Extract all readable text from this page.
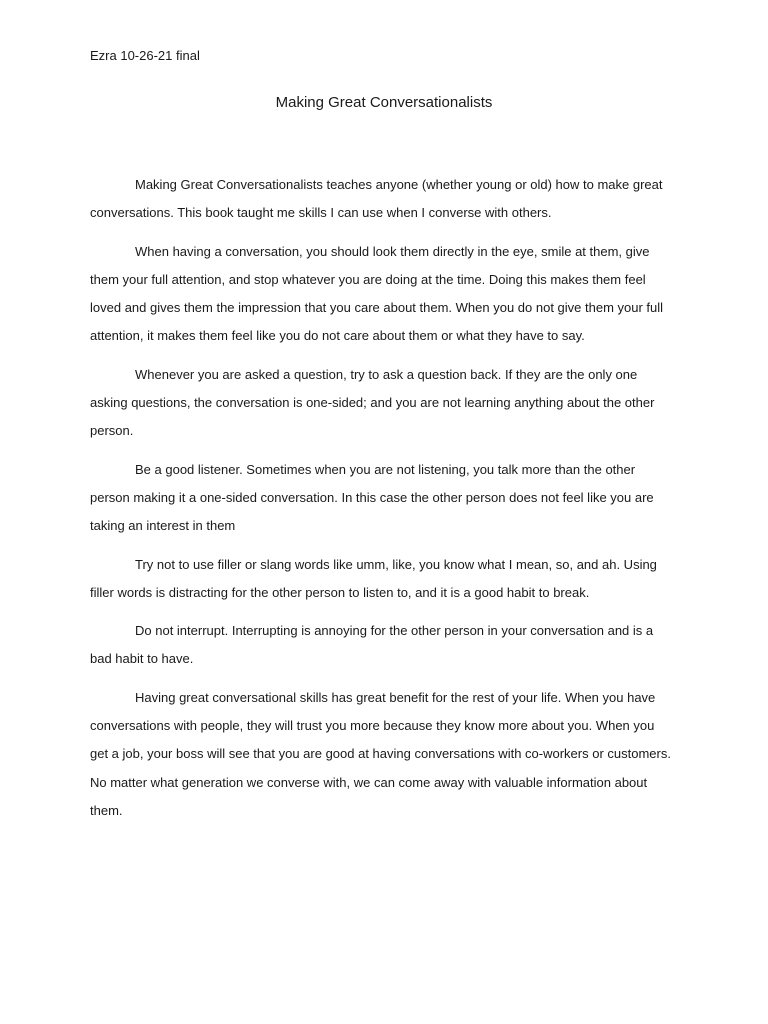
Ezra 10-26-21 final
Making Great Conversationalists

Making Great Conversationalists teaches anyone (whether young or old) how to make great conversations. This book taught me skills I can use when I converse with others.

When having a conversation, you should look them directly in the eye, smile at them, give them your full attention, and stop whatever you are doing at the time. Doing this makes them feel loved and gives them the impression that you care about them. When you do not give them your full attention, it makes them feel like you do not care about them or what they have to say.

Whenever you are asked a question, try to ask a question back. If they are the only one asking questions, the conversation is one-sided; and you are not learning anything about the other person.

Be a good listener. Sometimes when you are not listening, you talk more than the other person making it a one-sided conversation. In this case the other person does not feel like you are taking an interest in them

Try not to use filler or slang words like umm, like, you know what I mean, so, and ah. Using filler words is distracting for the other person to listen to, and it is a good habit to break.

Do not interrupt. Interrupting is annoying for the other person in your conversation and is a bad habit to have.

Having great conversational skills has great benefit for the rest of your life. When you have conversations with people, they will trust you more because they know more about you. When you get a job, your boss will see that you are good at having conversations with co-workers or customers. No matter what generation we converse with, we can come away with valuable information about them.
